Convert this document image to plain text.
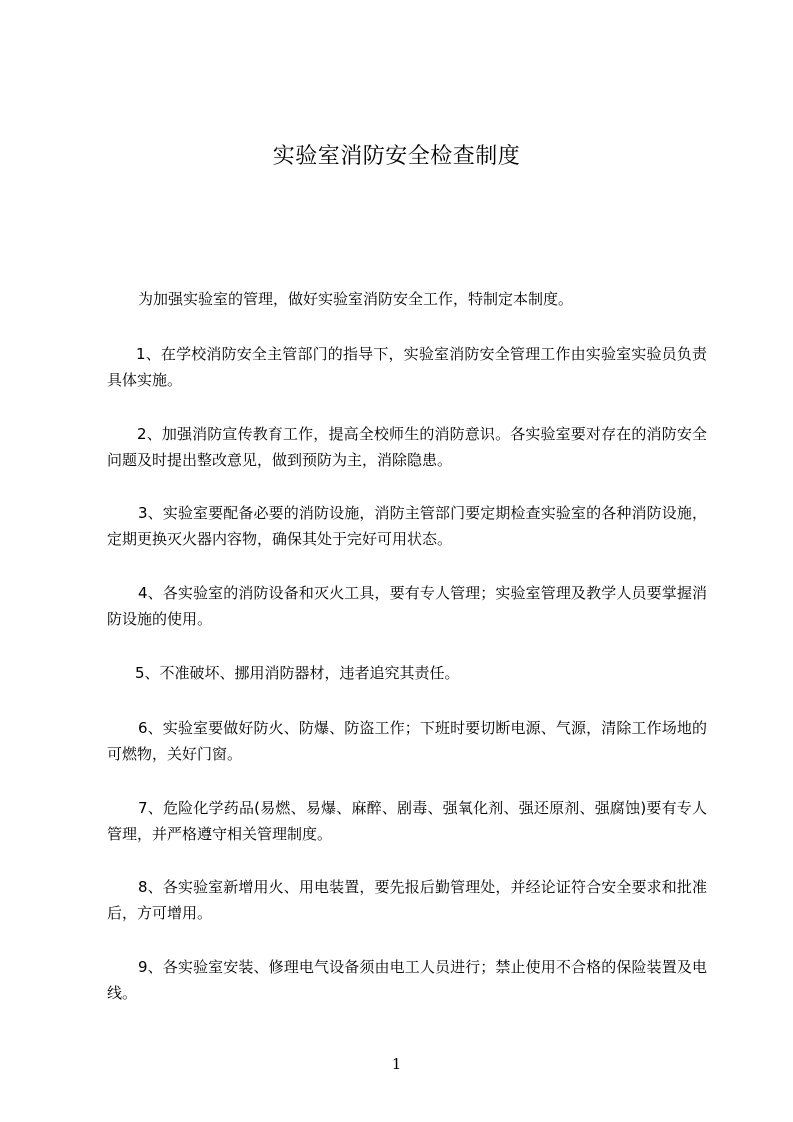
实验室消防安全检查制度

为加强实验室的管理，做好实验室消防安全工作，特制定本制度。

1、在学校消防安全主管部门的指导下，实验室消防安全管理工作由实验室实验员负责具体实施。

2、加强消防宣传教育工作，提高全校师生的消防意识。各实验室要对存在的消防安全问题及时提出整改意见，做到预防为主，消除隐患。

3、实验室要配备必要的消防设施，消防主管部门要定期检查实验室的各种消防设施，定期更换灭火器内容物，确保其处于完好可用状态。

4、各实验室的消防设备和灭火工具，要有专人管理；实验室管理及教学人员要掌握消防设施的使用。

5、不准破坏、挪用消防器材，违者追究其责任。

6、实验室要做好防火、防爆、防盗工作；下班时要切断电源、气源，清除工作场地的可燃物，关好门窗。

7、危险化学药品(易燃、易爆、麻醉、剧毒、强氧化剂、强还原剂、强腐蚀)要有专人管理，并严格遵守相关管理制度。

8、各实验室新增用火、用电装置，要先报后勤管理处，并经论证符合安全要求和批准后，方可增用。

9、各实验室安装、修理电气设备须由电工人员进行；禁止使用不合格的保险装置及电线。

1
